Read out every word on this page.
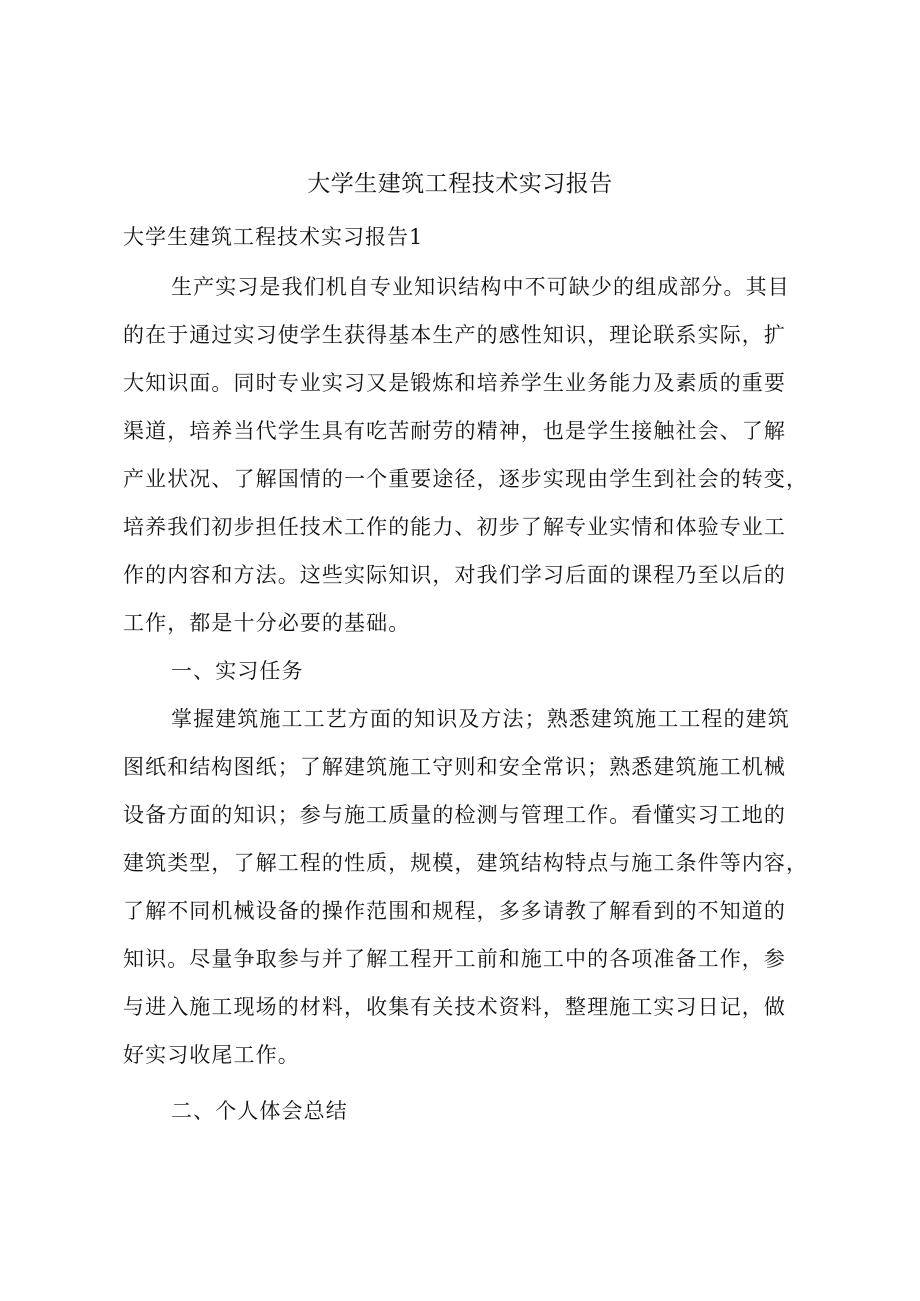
大学生建筑工程技术实习报告
大学生建筑工程技术实习报告1
生产实习是我们机自专业知识结构中不可缺少的组成部分。其目
的在于通过实习使学生获得基本生产的感性知识，理论联系实际，扩
大知识面。同时专业实习又是锻炼和培养学生业务能力及素质的重要
渠道，培养当代学生具有吃苦耐劳的精神，也是学生接触社会、了解
产业状况、了解国情的一个重要途径，逐步实现由学生到社会的转变，
培养我们初步担任技术工作的能力、初步了解专业实情和体验专业工
作的内容和方法。这些实际知识，对我们学习后面的课程乃至以后的
工作，都是十分必要的基础。
一、实习任务
掌握建筑施工工艺方面的知识及方法；熟悉建筑施工工程的建筑
图纸和结构图纸；了解建筑施工守则和安全常识；熟悉建筑施工机械
设备方面的知识；参与施工质量的检测与管理工作。看懂实习工地的
建筑类型，了解工程的性质，规模，建筑结构特点与施工条件等内容，
了解不同机械设备的操作范围和规程，多多请教了解看到的不知道的
知识。尽量争取参与并了解工程开工前和施工中的各项准备工作，参
与进入施工现场的材料，收集有关技术资料，整理施工实习日记，做
好实习收尾工作。
二、个人体会总结
